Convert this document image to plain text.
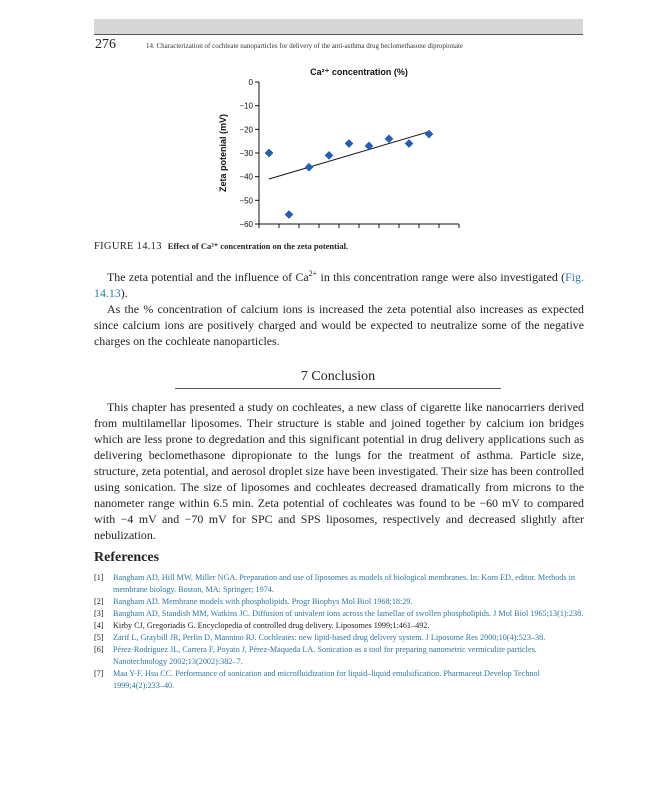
276	14. Characterization of cochleate nanoparticles for delivery of the anti-asthma drug beclomethasone dipropionate
Ca²⁺ concentration (%)
0
−10
−20
−30
−40
−50
−60
Zeta potenial (mV)
FIGURE 14.13 Effect of Ca²⁺ concentration on the zeta potential.

The zeta potential and the influence of $Ca^{2+}$ in this concentration range were also investigated (Fig. 14.13).

As the % concentration of calcium ions is increased the zeta potential also increases as expected since calcium ions are positively charged and would be expected to neutralize some of the negative charges on the cochleate nanoparticles.

7 Conclusion

This chapter has presented a study on cochleates, a new class of cigarette like nanocarriers derived from multilamellar liposomes. Their structure is stable and joined together by calcium ion bridges which are less prone to degredation and this significant potential in drug delivery applications such as delivering beclomethasone dipropionate to the lungs for the treatment of asthma. Particle size, structure, zeta potential, and aerosol droplet size have been investigated. Their size has been controlled using sonication. The size of liposomes and cochleates decreased dramatically from microns to the nanometer range within 6.5 min. Zeta potential of cochleates was found to be −60 mV to compared with −4 mV and −70 mV for SPC and SPS liposomes, respectively and decreased slightly after nebulization.

References
[1] Bangham AD, Hill MW, Miller NGA. Preparation and use of liposomes as models of biological membranes. In: Korn ED, editor. Methods in membrane biology. Boston, MA: Springer; 1974.
[2] Bangham AD. Membrane models with phospholipids. Progr Biophys Mol Biol 1968;18:29.
[3] Bangham AD, Standish MM, Watkins JC. Diffusion of univalent ions across the lamellae of swollen phospholipids. J Mol Biol 1965;13(1):238.
[4] Kirby CJ, Gregoriadis G. Encyclopedia of controlled drug delivery. Liposomes 1999;1:461–492.
[5] Zarif L, Graybill JR, Perlin D, Mannino RJ. Cochleates: new lipid-based drug delivery system. J Liposome Res 2000;10(4):523–38.
[6] Pérez-Rodríguez JL, Carrera F, Poyato J, Pérez-Maqueda LA. Sonication as a tool for preparing nanometric vermiculite particles. Nanotechnology 2002;13(2002):382–7.
[7] Maa Y-F, Hsu CC. Performance of sonication and microfluidization for liquid–liquid emulsification. Pharmaceut Develop Technol 1999;4(2):233–40.
